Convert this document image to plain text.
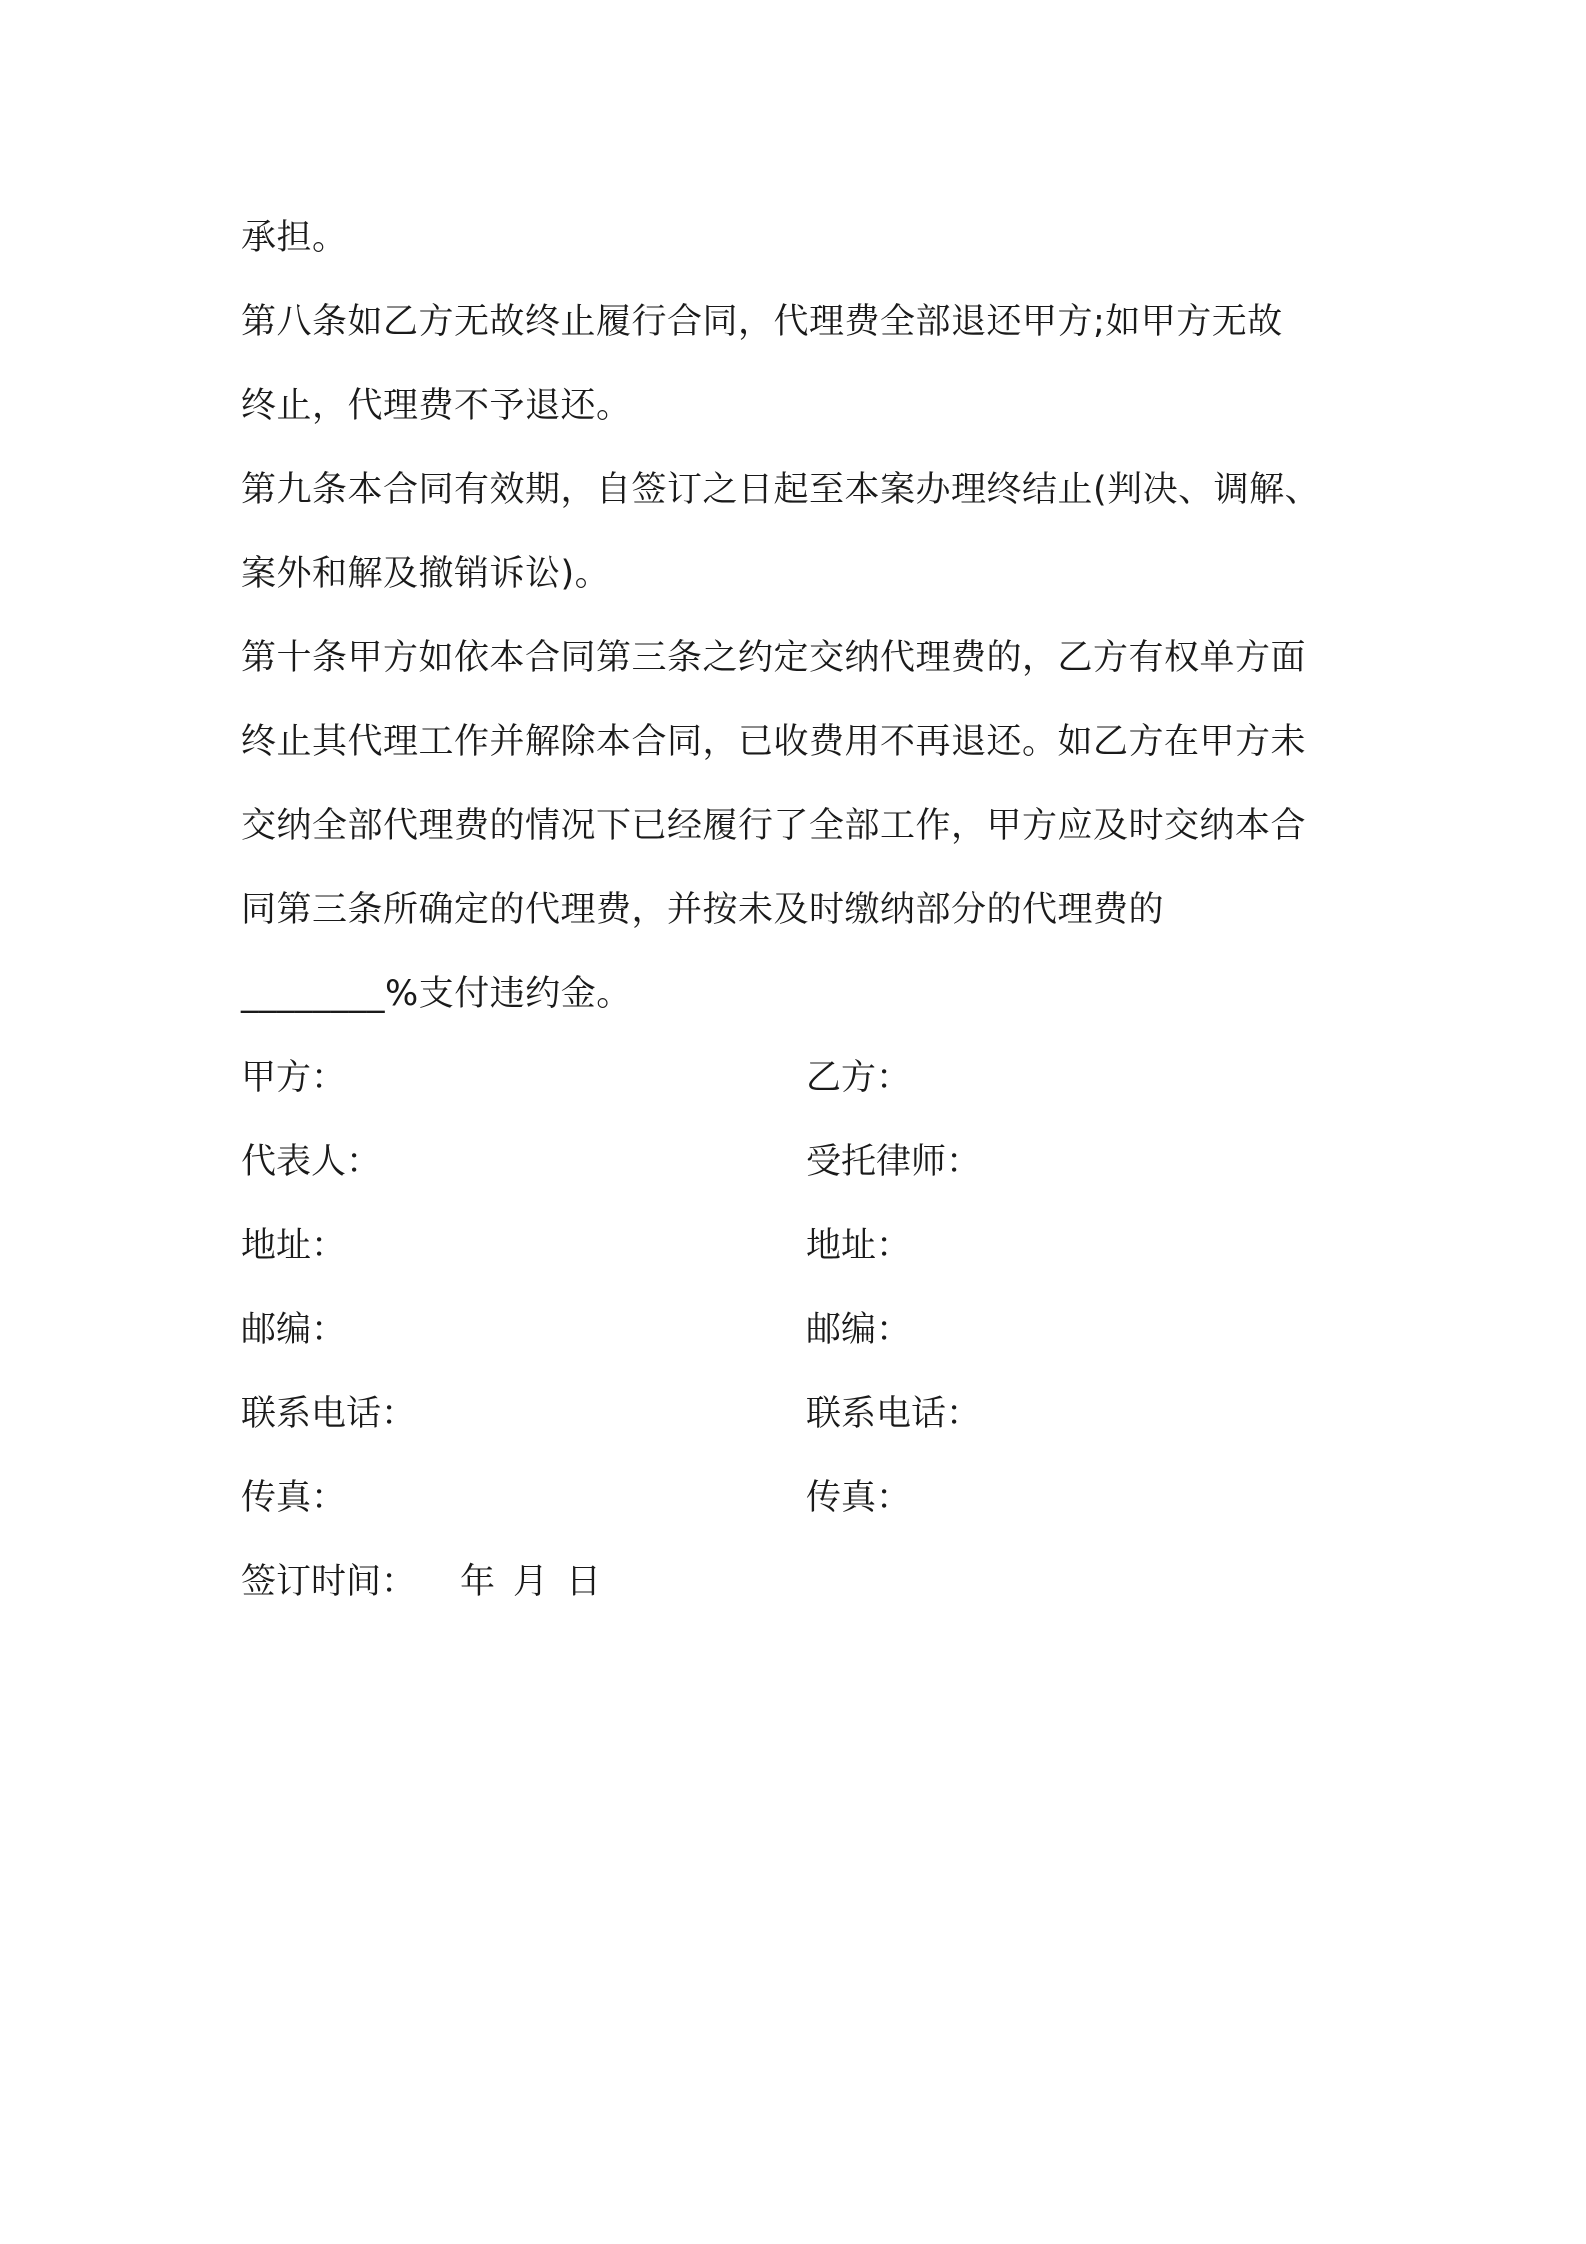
承担。
第八条如乙方无故终止履行合同，代理费全部退还甲方;如甲方无故
终止，代理费不予退还。
第九条本合同有效期，自签订之日起至本案办理终结止(判决、调解、
案外和解及撤销诉讼)。
第十条甲方如依本合同第三条之约定交纳代理费的，乙方有权单方面
终止其代理工作并解除本合同，已收费用不再退还。如乙方在甲方未
交纳全部代理费的情况下已经履行了全部工作，甲方应及时交纳本合
同第三条所确定的代理费，并按未及时缴纳部分的代理费的
________%支付违约金。
甲方：	乙方：
代表人：	受托律师：
地址：	地址：
邮编：	邮编：
联系电话：	联系电话：
传真：	传真：
签订时间： 年 月 日
